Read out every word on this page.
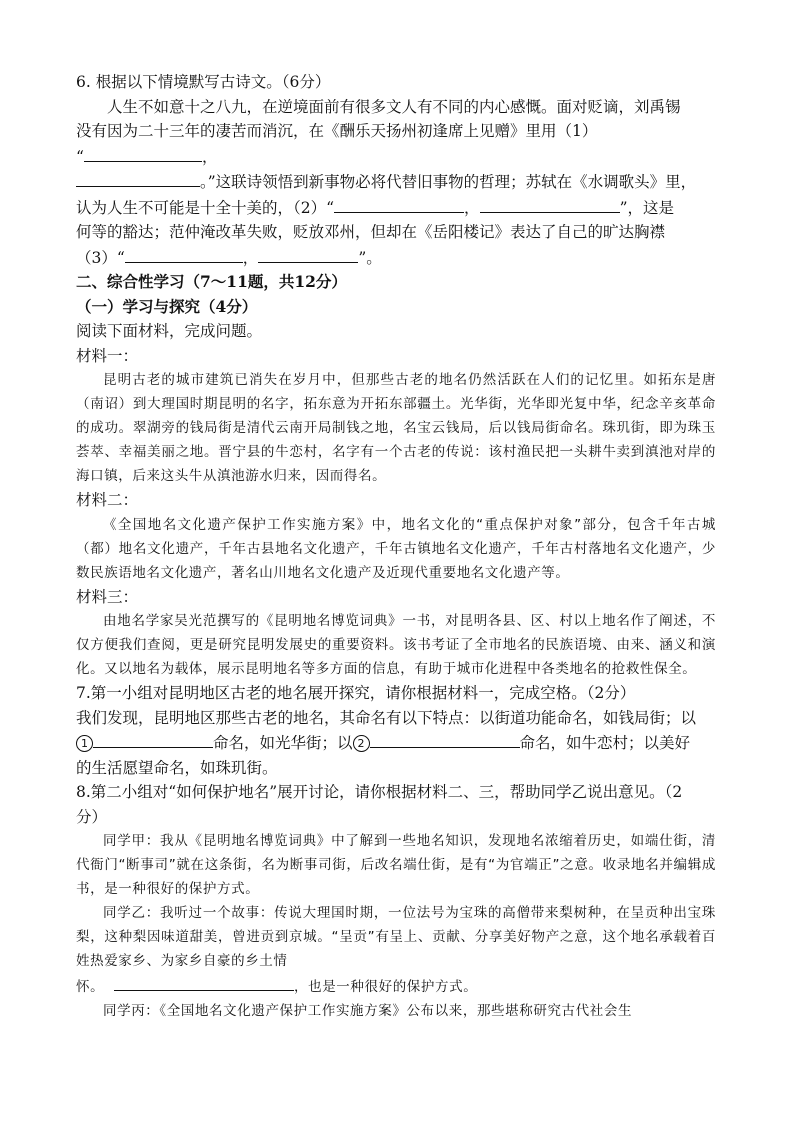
6. 根据以下情境默写古诗文。（6分）
人生不如意十之八九，在逆境面前有很多文人有不同的内心感慨。面对贬谪，刘禹锡
没有因为二十三年的凄苦而消沉，在《酬乐天扬州初逢席上见赠》里用（1）
“	，
。”这联诗领悟到新事物必将代替旧事物的哲理；苏轼在《水调歌头》里，
认为人生不可能是十全十美的，（2）“	，	”，这是
何等的豁达；范仲淹改革失败，贬放邓州，但却在《岳阳楼记》表达了自己的旷达胸襟
（3）“	，	”。
二、综合性学习（7～11题，共12分）
（一）学习与探究（4分）
阅读下面材料，完成问题。
材料一：
昆明古老的城市建筑已消失在岁月中，但那些古老的地名仍然活跃在人们的记忆里。如拓东是唐（南诏）到大理国时期昆明的名字，拓东意为开拓东部疆土。光华街，光华即光复中华，纪念辛亥革命的成功。翠湖旁的钱局街是清代云南开局制钱之地，名宝云钱局，后以钱局街命名。珠玑街，即为珠玉荟萃、幸福美丽之地。晋宁县的牛恋村，名字有一个古老的传说：该村渔民把一头耕牛卖到滇池对岸的海口镇，后来这头牛从滇池游水归来，因而得名。
材料二：
《全国地名文化遗产保护工作实施方案》中，地名文化的“重点保护对象”部分，包含千年古城（都）地名文化遗产，千年古县地名文化遗产，千年古镇地名文化遗产，千年古村落地名文化遗产，少数民族语地名文化遗产，著名山川地名文化遗产及近现代重要地名文化遗产等。
材料三：
由地名学家吴光范撰写的《昆明地名博览词典》一书，对昆明各县、区、村以上地名作了阐述，不仅方便我们查阅，更是研究昆明发展史的重要资料。该书考证了全市地名的民族语境、由来、涵义和演化。又以地名为载体，展示昆明地名等多方面的信息，有助于城市化进程中各类地名的抢救性保全。
7.第一小组对昆明地区古老的地名展开探究，请你根据材料一，完成空格。（2分）
我们发现，昆明地区那些古老的地名，其命名有以下特点：以街道功能命名，如钱局街；以
1	命名，如光华街；以 2	命名，如牛恋村；以美好
的生活愿望命名，如珠玑街。
8.第二小组对“如何保护地名”展开讨论，请你根据材料二、三，帮助同学乙说出意见。（2
分）
同学甲：我从《昆明地名博览词典》中了解到一些地名知识，发现地名浓缩着历史，如端仕街，清代衙门“断事司”就在这条街，名为断事司街，后改名端仕街，是有“为官端正”之意。收录地名并编辑成书，是一种很好的保护方式。
同学乙：我听过一个故事：传说大理国时期，一位法号为宝珠的高僧带来梨树种，在呈贡种出宝珠梨，这种梨因味道甜美，曾进贡到京城。“呈贡”有呈上、贡献、分享美好物产之意，这个地名承载着百姓热爱家乡、为家乡自豪的乡土情
怀。	，也是一种很好的保护方式。
同学丙：《全国地名文化遗产保护工作实施方案》公布以来，那些堪称研究古代社会生
